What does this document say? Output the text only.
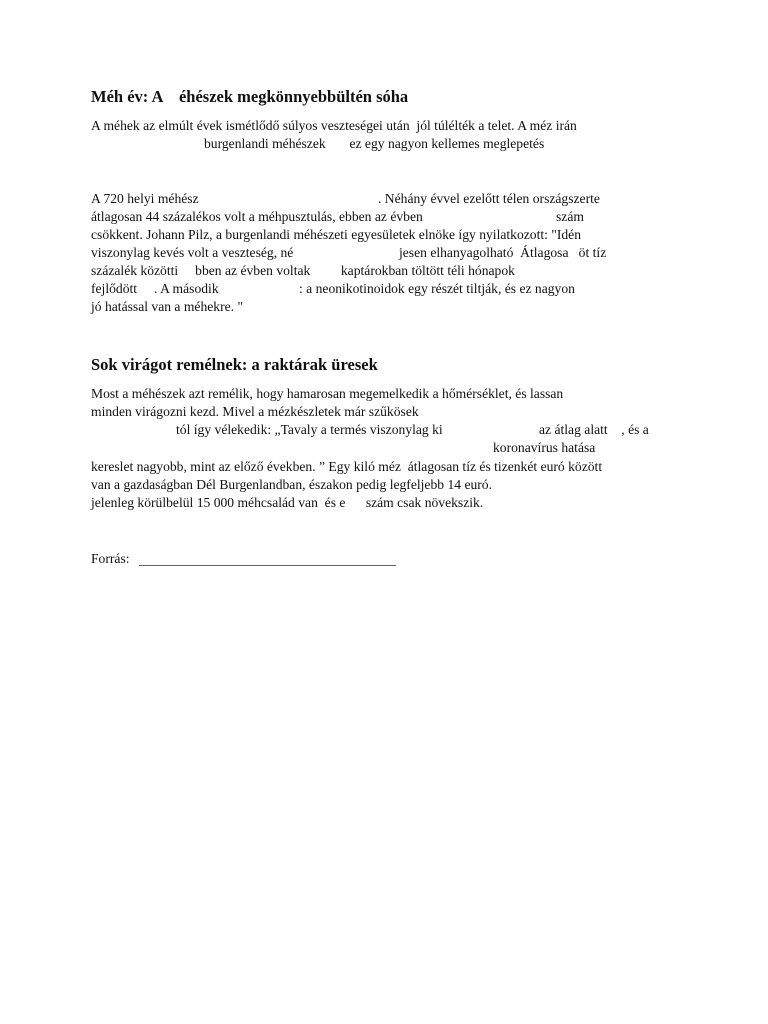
Méh év: A    éhészek megkönnyebbültén sóha
A méhek az elmúlt évek ismétlődő súlyos veszteségei után  jól túlélték a telet. A méz irán
burgenlandi méhészek       ez egy nagyon kellemes meglepetés
A 720 helyi méhész	. Néhány évvel ezelőtt télen országszerte
átlagosan 44 százalékos volt a méhpusztulás, ebben az évben	szám
csökkent. Johann Pilz, a burgenlandi méhészeti egyesületek elnöke így nyilatkozott: "Idén
viszonylag kevés volt a veszteség, né	jesen elhanyagolható  Átlagosa   öt tíz
százalék közötti     bben az évben voltak         kaptárokban töltött téli hónapok
fejlődött     . A második	: a neonikotinoidok egy részét tiltják, és ez nagyon
jó hatással van a méhekre. "
Sok virágot remélnek: a raktárak üresek
Most a méhészek azt remélik, hogy hamarosan megemelkedik a hőmérséklet, és lassan
minden virágozni kezd. Mivel a mézkészletek már szűkösek
tól így vélekedik: „Tavaly a termés viszonylag ki	az átlag alatt    , és a
koronavírus hatása
kereslet nagyobb, mint az előző években. ” Egy kiló méz  átlagosan tíz és tizenkét euró között
van a gazdaságban Dél Burgenlandban, északon pedig legfeljebb 14 euró.
jelenleg körülbelül 15 000 méhcsalád van  és e      szám csak növekszik.
Forrás:
